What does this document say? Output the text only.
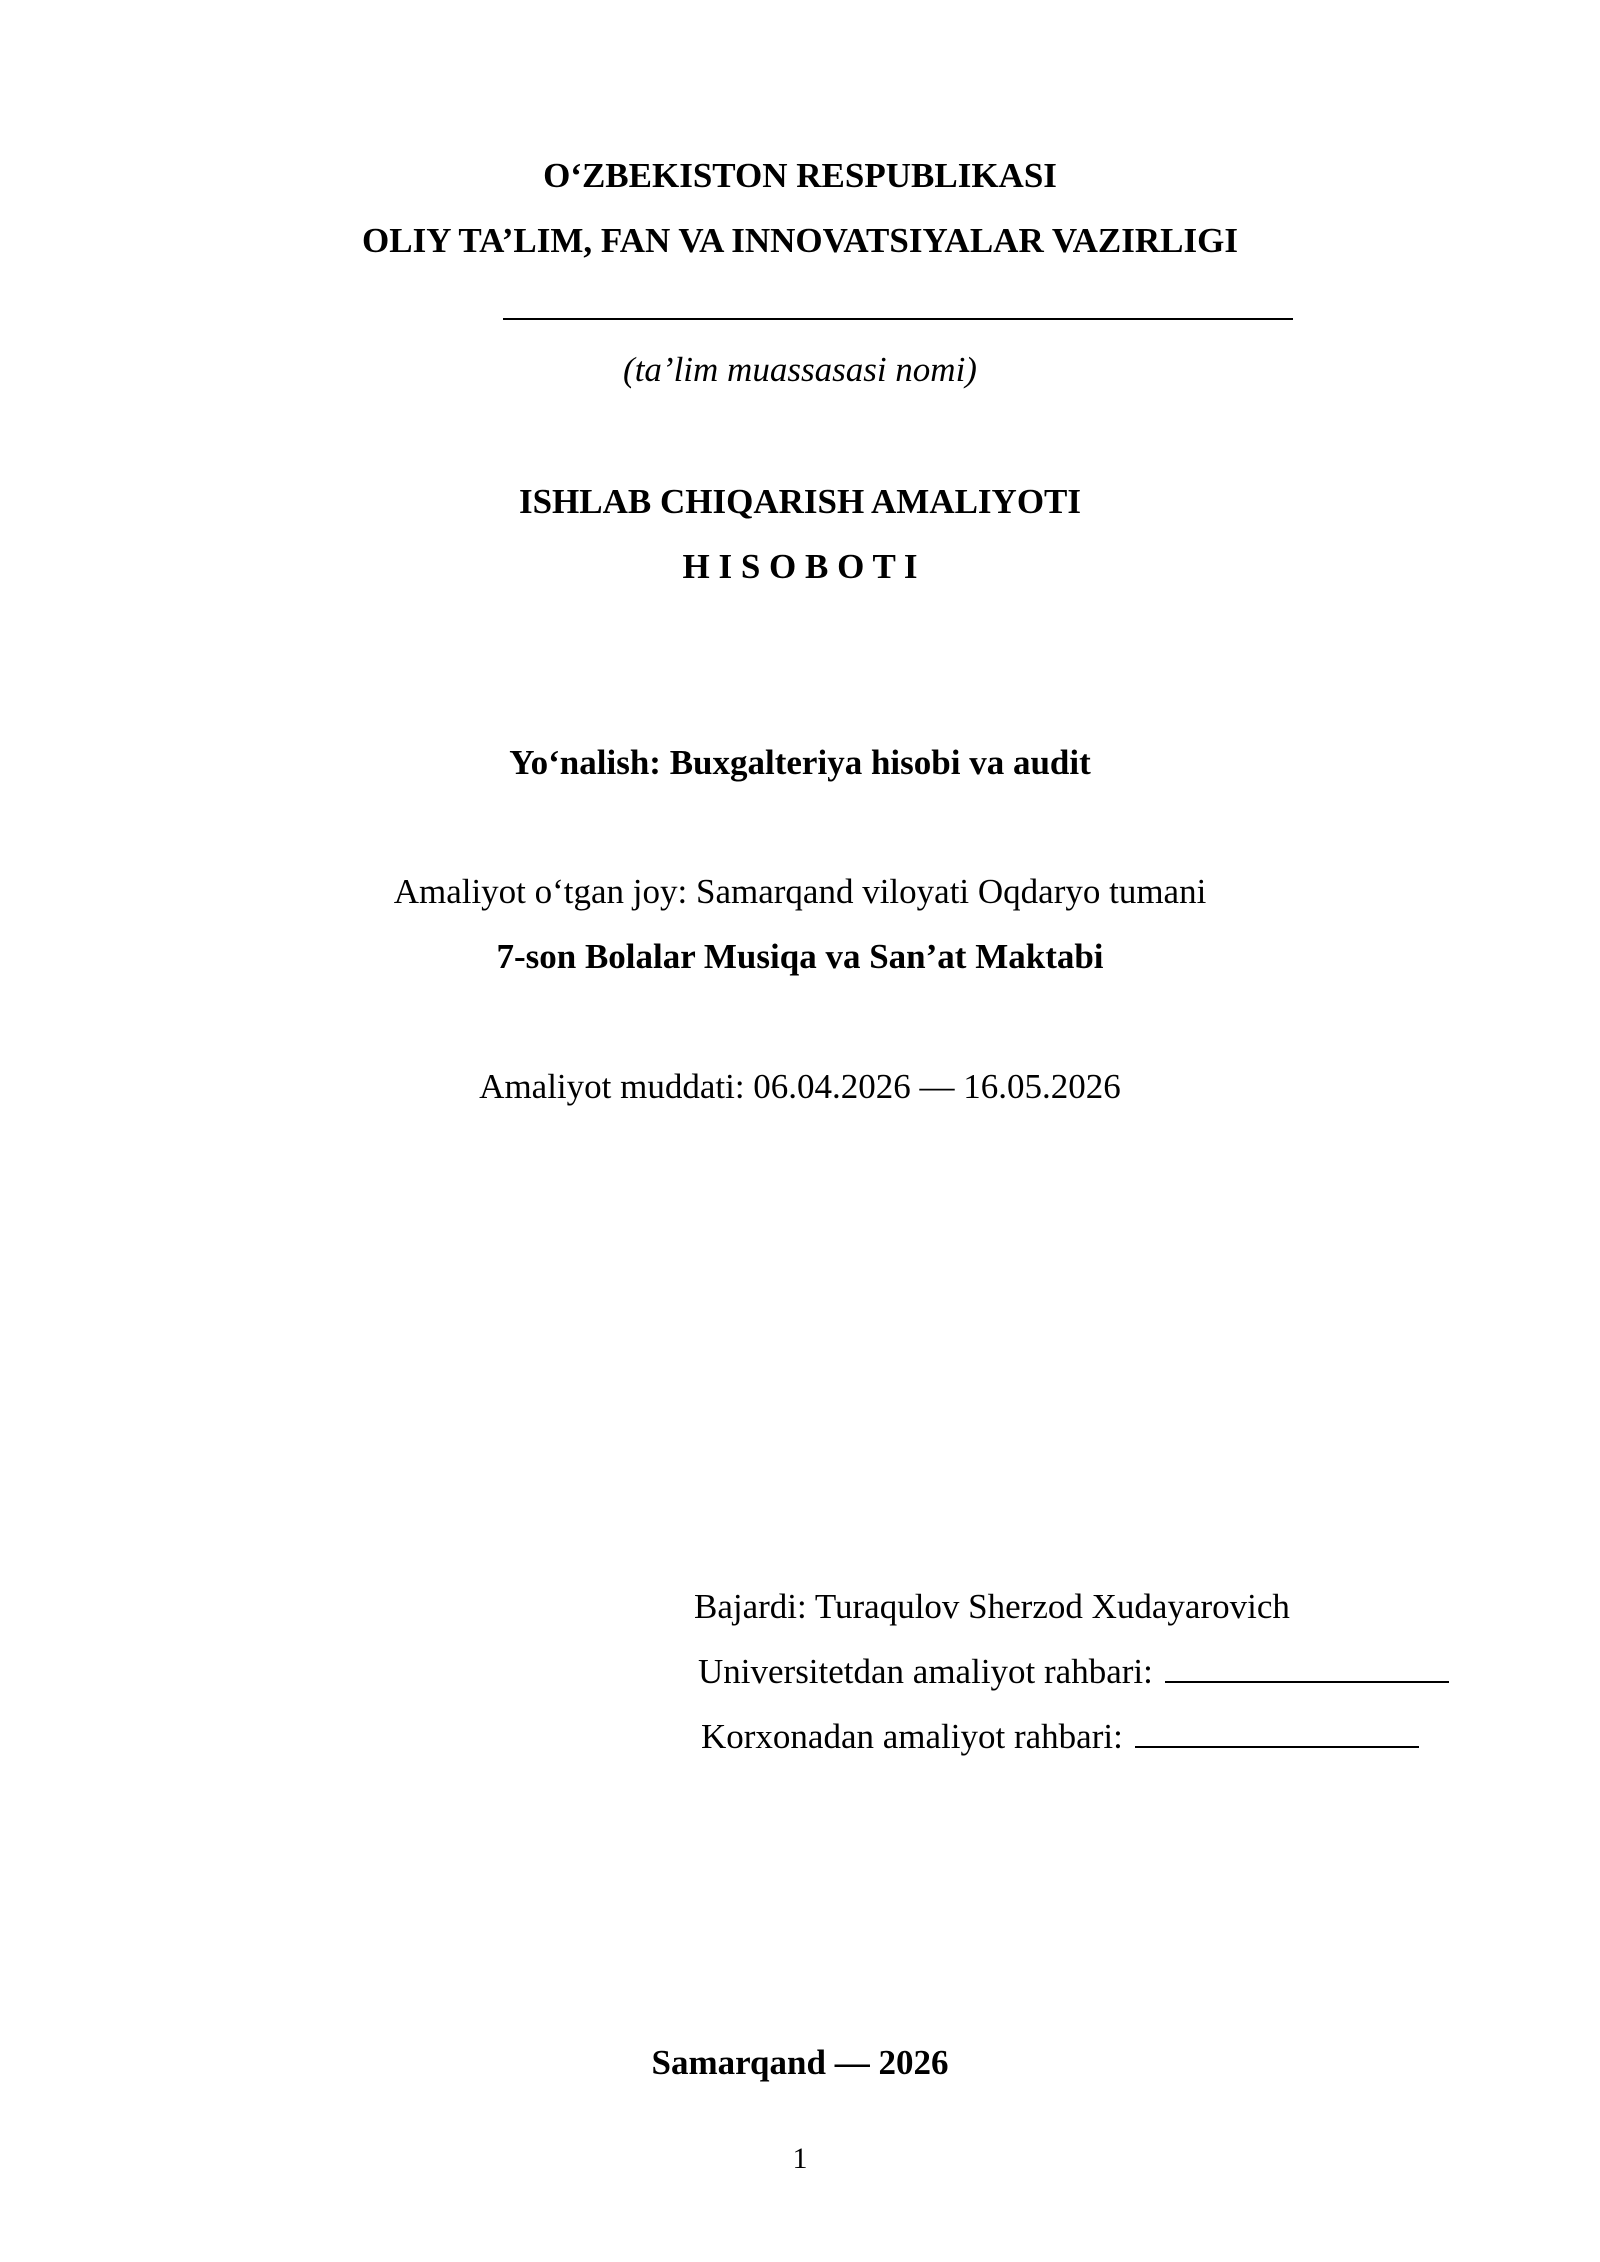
O‘ZBEKISTON RESPUBLIKASI
OLIY TA’LIM, FAN VA INNOVATSIYALAR VAZIRLIGI
(ta’lim muassasasi nomi)
ISHLAB CHIQARISH AMALIYOTI
H I S O B O T I
Yo‘nalish: Buxgalteriya hisobi va audit
Amaliyot o‘tgan joy: Samarqand viloyati Oqdaryo tumani
7-son Bolalar Musiqa va San’at Maktabi
Amaliyot muddati: 06.04.2026 — 16.05.2026
Bajardi: Turaqulov Sherzod Xudayarovich
Universitetdan amaliyot rahbari:
Korxonadan amaliyot rahbari:
Samarqand — 2026
1
